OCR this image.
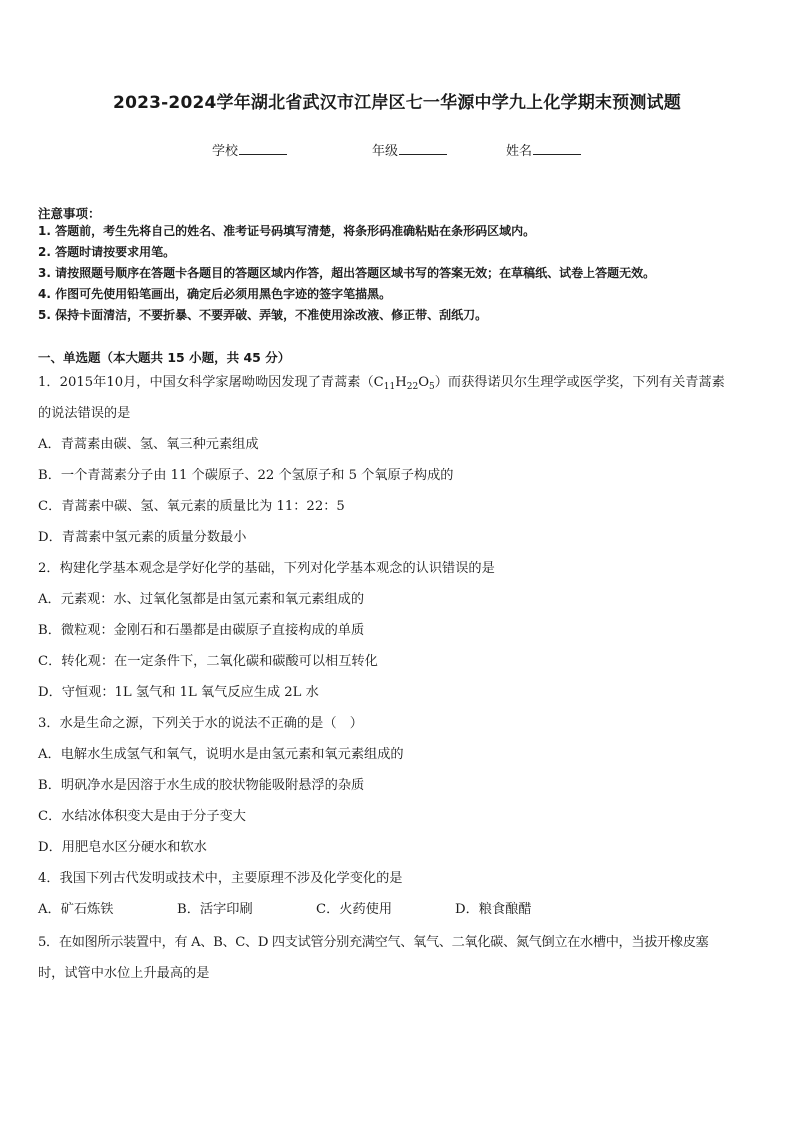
2023-2024学年湖北省武汉市江岸区七一华源中学九上化学期末预测试题
学校	年级	姓名
注意事项：
1. 答题前，考生先将自己的姓名、准考证号码填写清楚，将条形码准确粘贴在条形码区域内。
2. 答题时请按要求用笔。
3. 请按照题号顺序在答题卡各题目的答题区域内作答，超出答题区域书写的答案无效；在草稿纸、试卷上答题无效。
4. 作图可先使用铅笔画出，确定后必须用黑色字迹的签字笔描黑。
5. 保持卡面清洁，不要折暴、不要弄破、弄皱，不准使用涂改液、修正带、刮纸刀。
一、单选题（本大题共 15 小题，共 45 分）

1．2015年10月，中国女科学家屠呦呦因发现了青蒿素$(C_{11}H_{22}O_5)$而获得诺贝尔生理学或医学奖，下列有关青蒿素

的说法错误的是

A．青蒿素由碳、氢、氧三种元素组成
B．一个青蒿素分子由 11 个碳原子、22 个氢原子和 5 个氧原子构成的
C．青蒿素中碳、氢、氧元素的质量比为 11：22：5
D．青蒿素中氢元素的质量分数最小

2．构建化学基本观念是学好化学的基础，下列对化学基本观念的认识错误的是

A．元素观：水、过氧化氢都是由氢元素和氧元素组成的
B．微粒观：金刚石和石墨都是由碳原子直接构成的单质
C．转化观：在一定条件下，二氧化碳和碳酸可以相互转化
D．守恒观：1L 氢气和 1L 氧气反应生成 2L 水

3．水是生命之源，下列关于水的说法不正确的是（　）

A．电解水生成氢气和氧气，说明水是由氢元素和氧元素组成的
B．明矾净水是因溶于水生成的胶状物能吸附悬浮的杂质
C．水结冰体积变大是由于分子变大
D．用肥皂水区分硬水和软水

4．我国下列古代发明或技术中，主要原理不涉及化学变化的是

A．矿石炼铁	B．活字印刷	C．火药使用	D．粮食酿醋

5．在如图所示装置中，有 A、B、C、D 四支试管分别充满空气、氧气、二氧化碳、氮气倒立在水槽中，当拔开橡皮塞

时，试管中水位上升最高的是
